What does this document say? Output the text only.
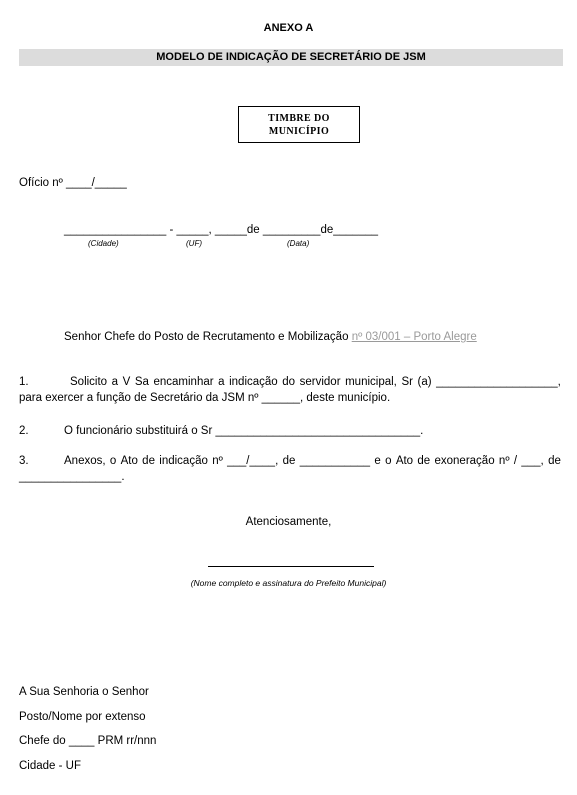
ANEXO A
MODELO DE INDICAÇÃO DE SECRETÁRIO DE JSM
TIMBRE DO
MUNICÍPIO
Ofício nº ____/_____
________________ - _____, _____de _________de_______
(Cidade)	(UF)	(Data)
Senhor Chefe do Posto de Recrutamento e Mobilização nº 03/001 – Porto Alegre
1.	Solicito a V Sa encaminhar a indicação do servidor municipal, Sr (a) ___________________,
para exercer a função de Secretário da JSM nº ______, deste município.
2.	O funcionário substituirá o Sr ________________________________.
3.	Anexos, o Ato de indicação nº ___/____, de ___________ e o Ato de exoneração nº / ___, de
________________.
Atenciosamente,
(Nome completo e assinatura do Prefeito Municipal)
A Sua Senhoria o Senhor
Posto/Nome por extenso
Chefe do ____ PRM rr/nnn
Cidade - UF
